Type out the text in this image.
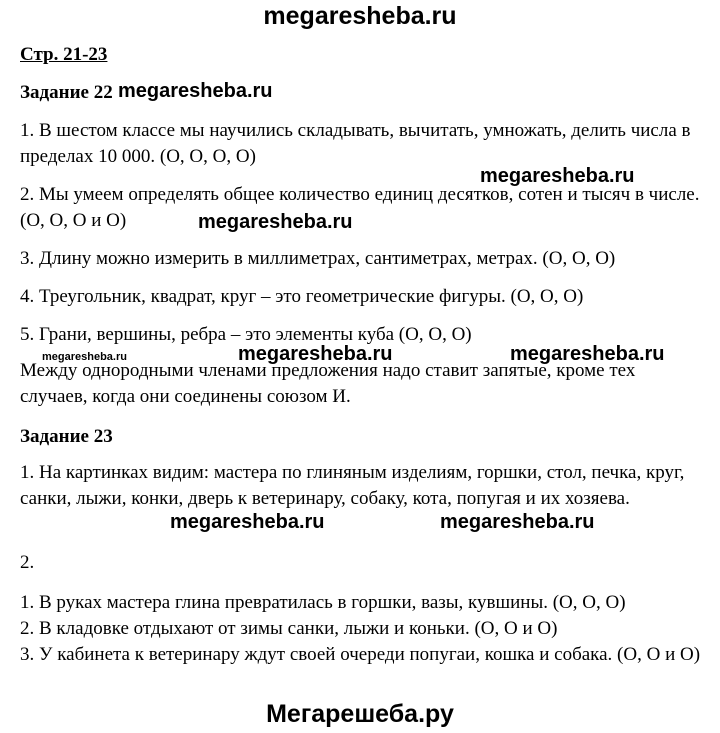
megaresheba.ru
megaresheba.ru
megaresheba.ru
megaresheba.ru
megaresheba.ru	megaresheba.ru	megaresheba.ru
megaresheba.ru	megaresheba.ru
Мегарешеба.ру
Стр. 21-23
Задание 22
1. В шестом классе мы научились складывать, вычитать, умножать, делить числа в пределах 10 000. (О, О, О, О)
2. Мы умеем определять общее количество единиц десятков, сотен и тысяч в числе. (О, О, О и О)
3. Длину можно измерить в миллиметрах, сантиметрах, метрах. (О, О, О)
4. Треугольник, квадрат, круг – это геометрические фигуры. (О, О, О)
5. Грани, вершины, ребра – это элементы куба (О, О, О)
Между однородными членами предложения надо ставит запятые, кроме тех случаев, когда они соединены союзом И.
Задание 23
1. На картинках видим: мастера по глиняным изделиям, горшки, стол, печка, круг, санки, лыжи, конки, дверь к ветеринару, собаку, кота, попугая и их хозяева.
2.
1. В руках мастера глина превратилась в горшки, вазы, кувшины. (О, О, О)
2. В кладовке отдыхают от зимы санки, лыжи и коньки. (О, О и О)
3. У кабинета к ветеринару ждут своей очереди попугаи, кошка и собака. (О, О и О)
